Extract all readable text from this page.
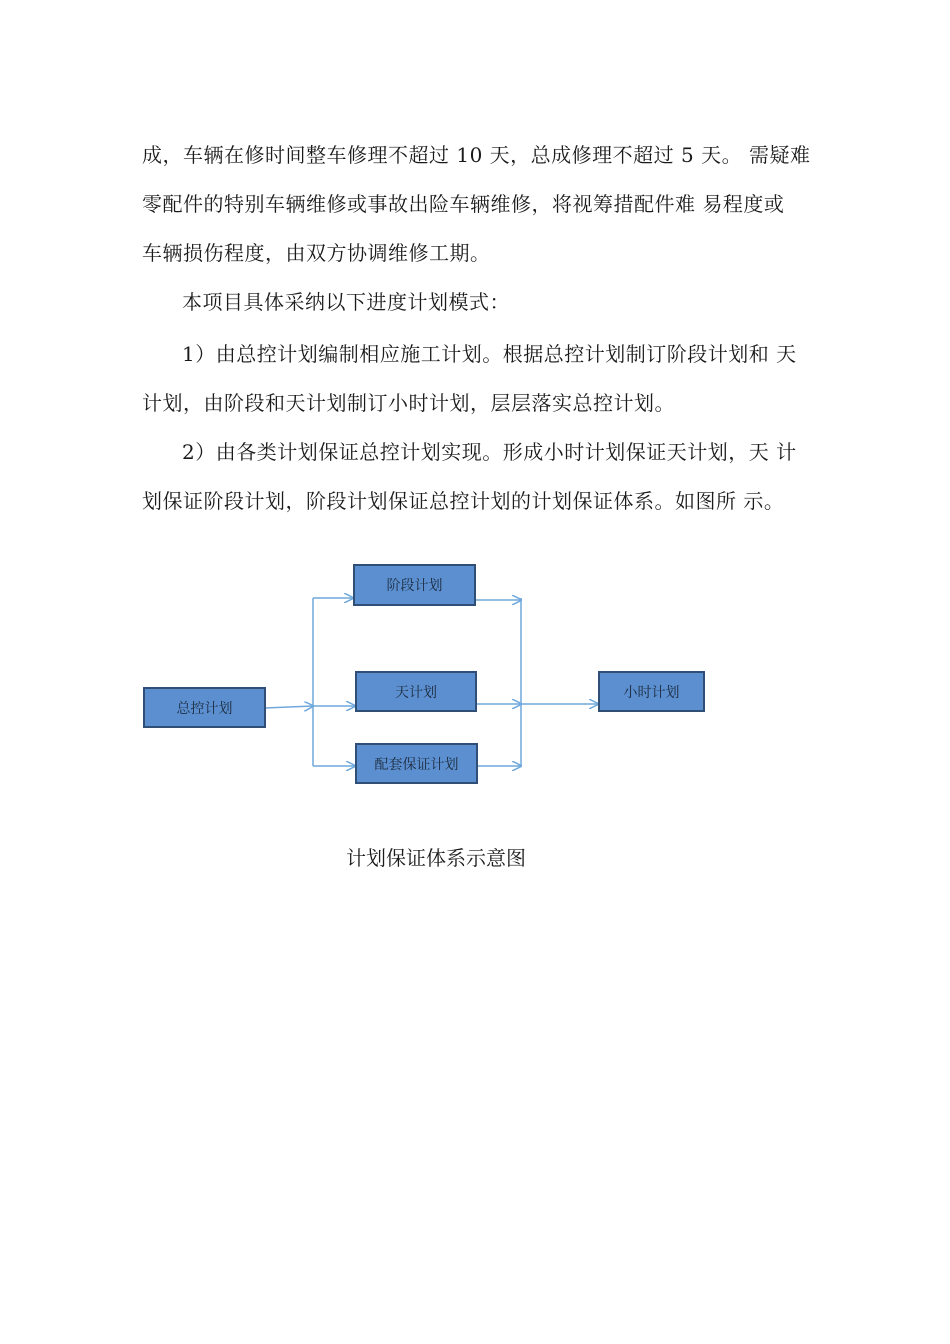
成，车辆在修时间整车修理不超过 10 天，总成修理不超过 5 天。 需疑难
零配件的特别车辆维修或事故出险车辆维修，将视筹措配件难 易程度或
车辆损伤程度，由双方协调维修工期。
本项目具体采纳以下进度计划模式：
1）由总控计划编制相应施工计划。根据总控计划制订阶段计划和 天
计划，由阶段和天计划制订小时计划，层层落实总控计划。
2）由各类计划保证总控计划实现。形成小时计划保证天计划，天 计
划保证阶段计划，阶段计划保证总控计划的计划保证体系。如图所 示。
总控计划
阶段计划
天计划
配套保证计划
小时计划
计划保证体系示意图
